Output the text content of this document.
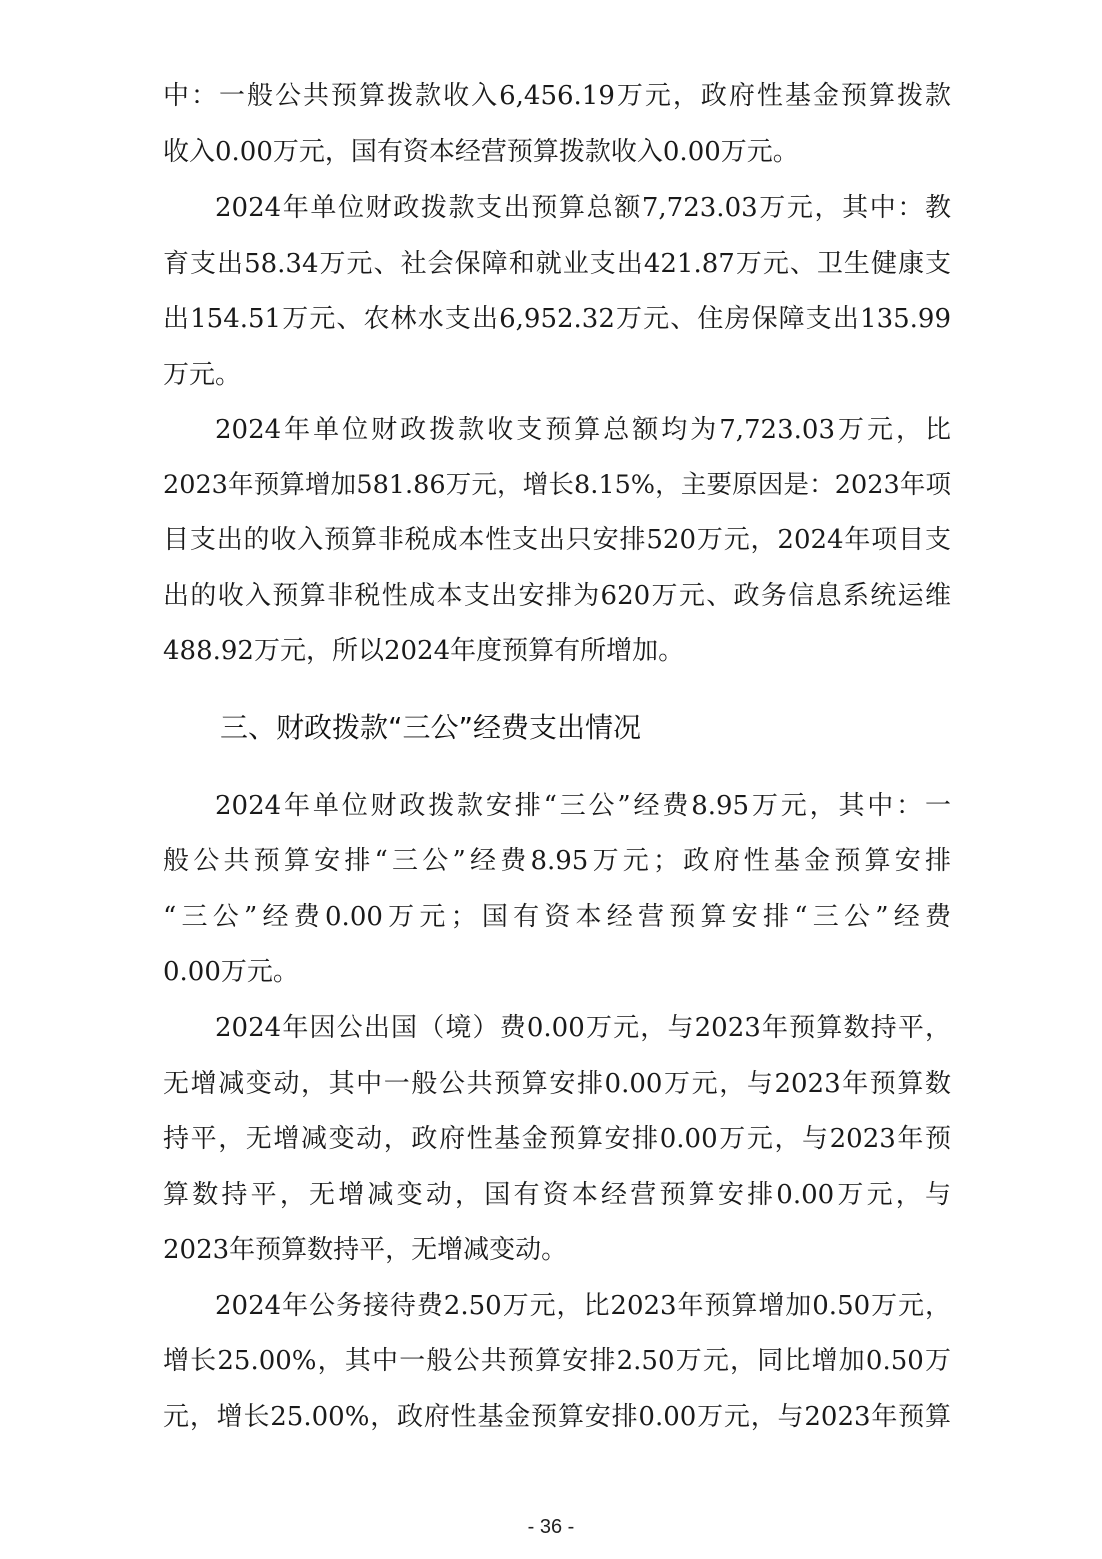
中：一般公共预算拨款收入6,456.19万元，政府性基金预算拨款
收入0.00万元，国有资本经营预算拨款收入0.00万元。
2024年单位财政拨款支出预算总额7,723.03万元，其中：教
育支出58.34万元、社会保障和就业支出421.87万元、卫生健康支
出154.51万元、农林水支出6,952.32万元、住房保障支出135.99
万元。
2024年单位财政拨款收支预算总额均为7,723.03万元，比
2023年预算增加581.86万元，增长8.15%，主要原因是：2023年项
目支出的收入预算非税成本性支出只安排520万元，2024年项目支
出的收入预算非税性成本支出安排为620万元、政务信息系统运维
488.92万元，所以2024年度预算有所增加。
三、财政拨款“三公”经费支出情况
2024年单位财政拨款安排“三公”经费8.95万元，其中：一
般公共预算安排“三公”经费8.95万元；政府性基金预算安排
“三公”经费0.00万元；国有资本经营预算安排“三公”经费
0.00万元。
2024年因公出国（境）费0.00万元，与2023年预算数持平，
无增减变动，其中一般公共预算安排0.00万元，与2023年预算数
持平，无增减变动，政府性基金预算安排0.00万元，与2023年预
算数持平，无增减变动，国有资本经营预算安排0.00万元，与
2023年预算数持平，无增减变动。
2024年公务接待费2.50万元，比2023年预算增加0.50万元，
增长25.00%，其中一般公共预算安排2.50万元，同比增加0.50万
元，增长25.00%，政府性基金预算安排0.00万元，与2023年预算
- 36 -
